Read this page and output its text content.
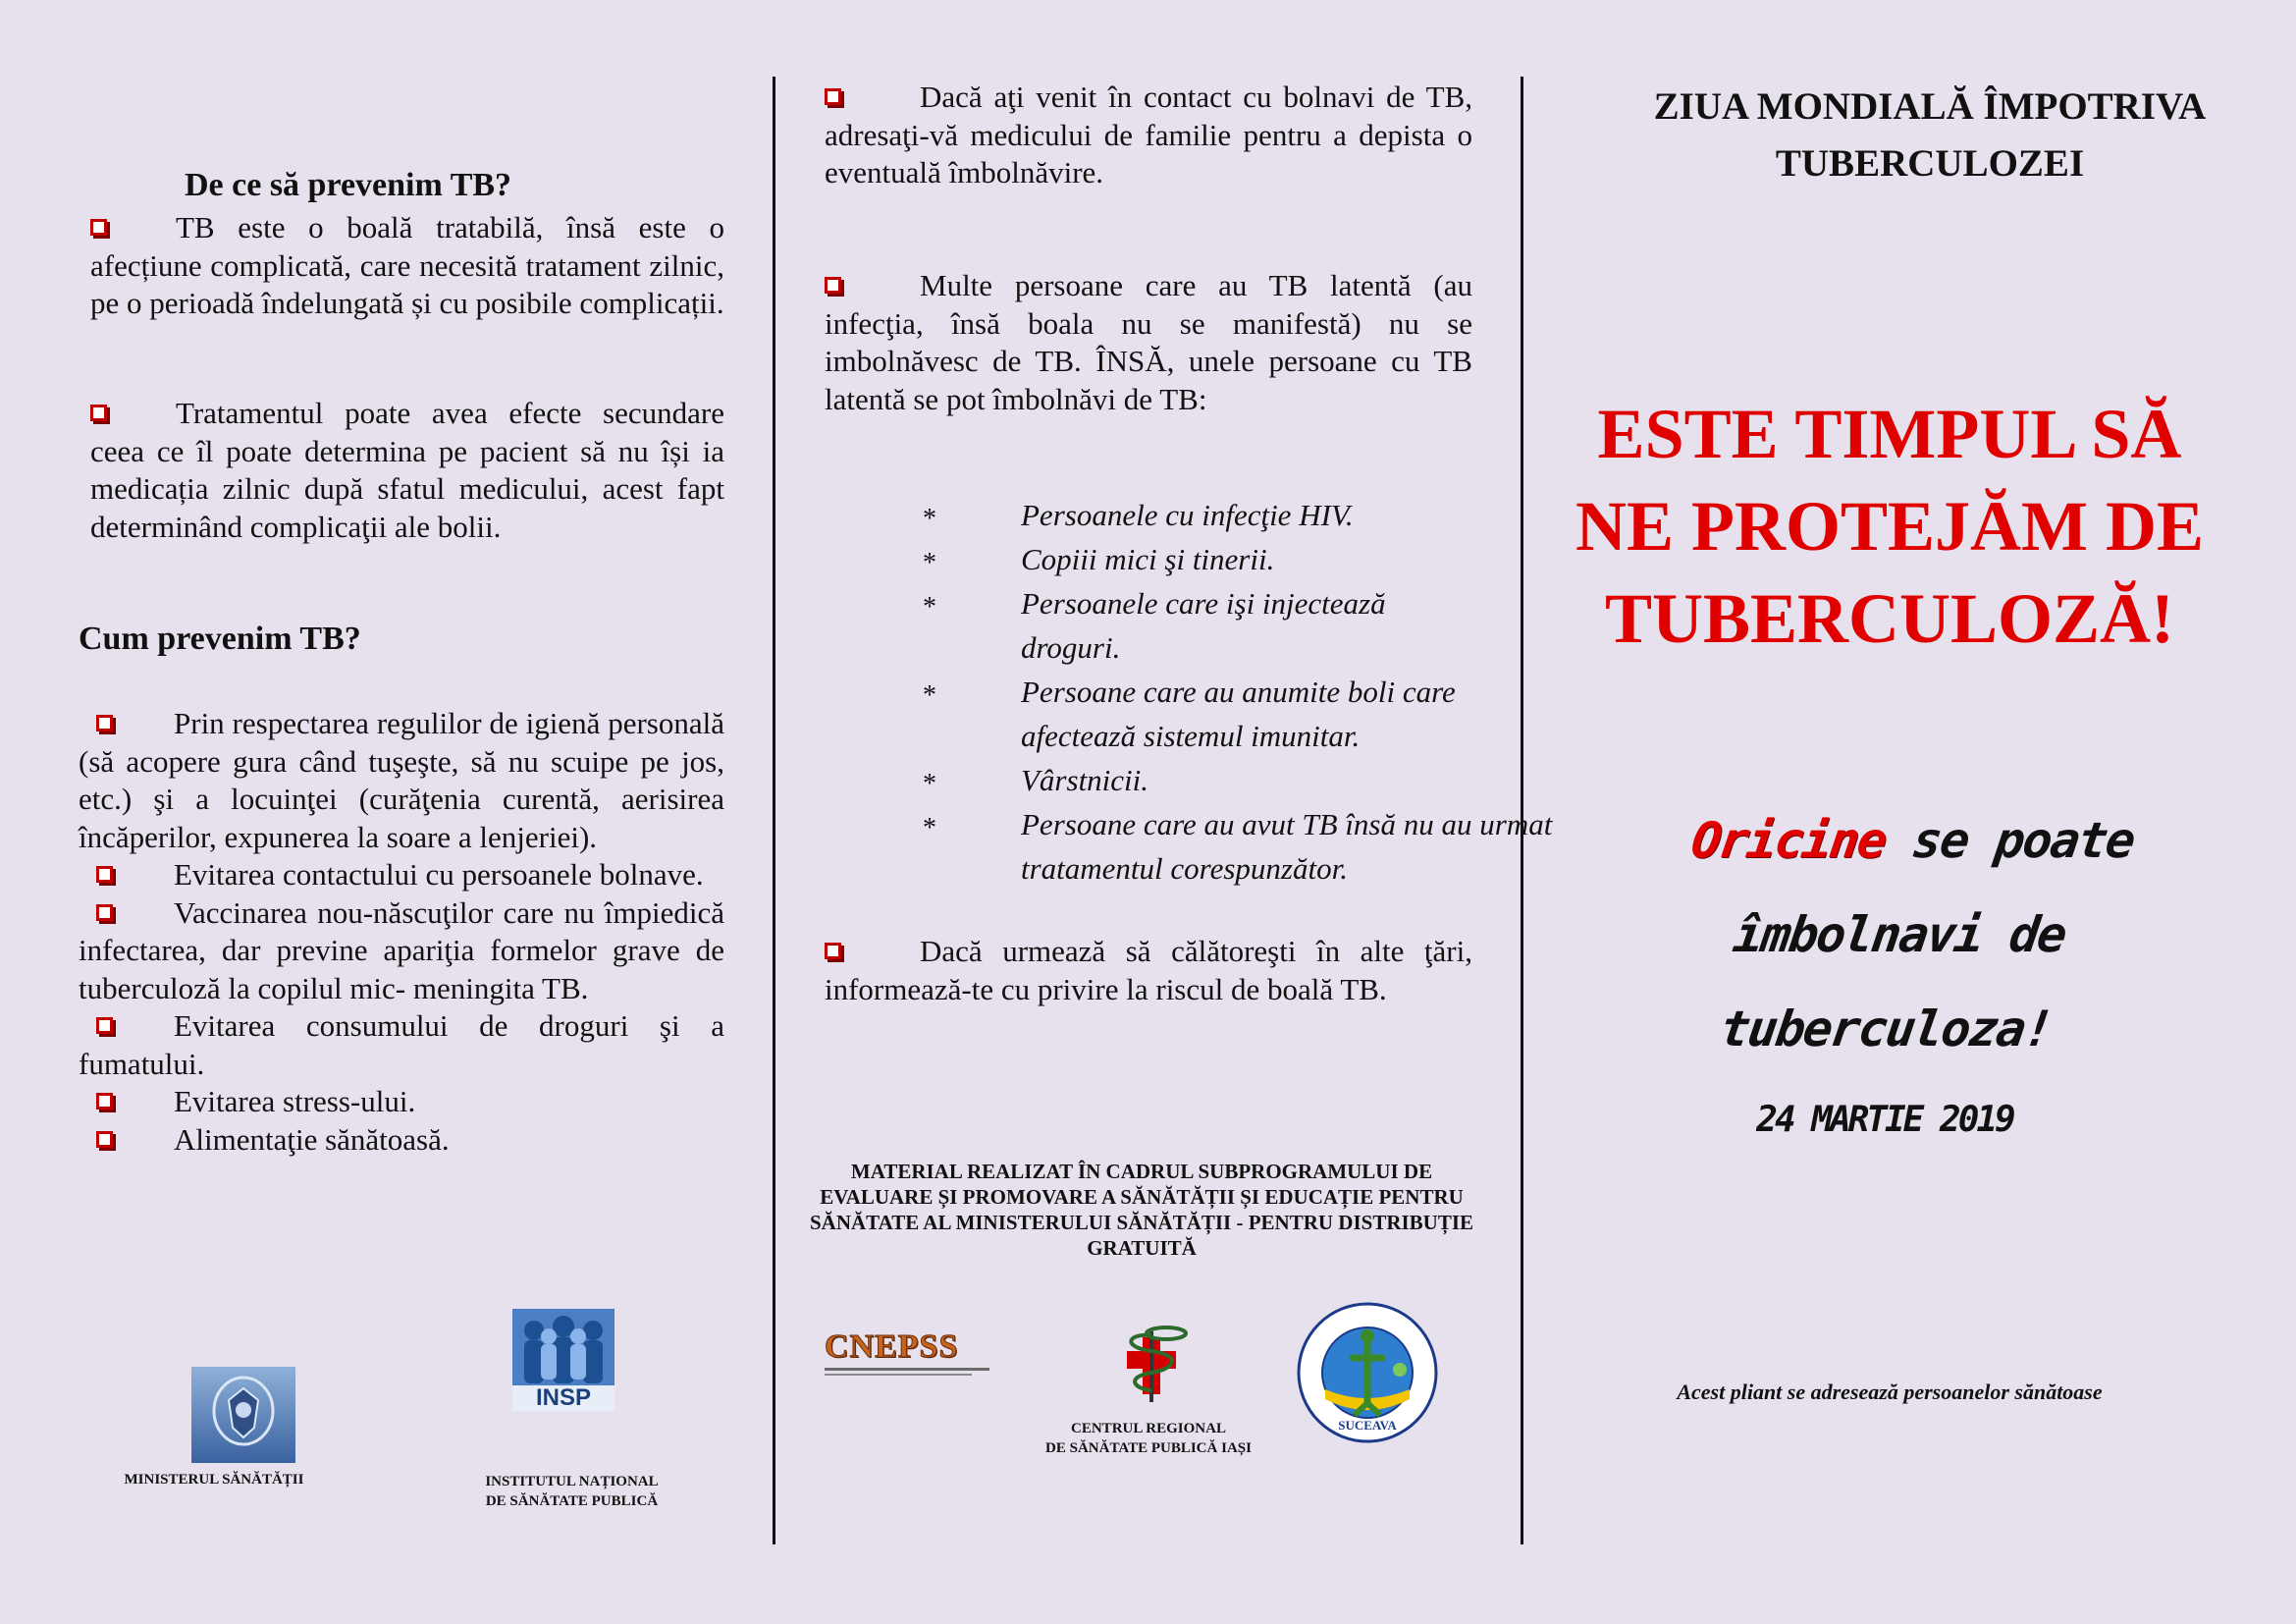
De ce să prevenim TB?
TB este o boală tratabilă, însă este o afecțiune complicată, care necesită tratament zilnic, pe o perioadă îndelungată și cu posibile complicații.
Tratamentul poate avea efecte secundare ceea ce îl poate determina pe pacient să nu își ia medicația zilnic după sfatul medicului, acest fapt determinând complicaţii ale bolii.
Cum prevenim TB?
Prin respectarea regulilor de igienă personală (să acopere gura când tuşeşte, să nu scuipe pe jos, etc.) şi a locuinţei (curăţenia curentă, aerisirea încăperilor, expunerea la soare a lenjeriei).
Evitarea contactului cu persoanele bolnave.
Vaccinarea nou-născuţilor care nu împiedică infectarea, dar previne apariţia formelor grave de tuberculoză la copilul mic- meningita TB.
Evitarea consumului de droguri şi a fumatului.
Evitarea stress-ului.
Alimentaţie sănătoasă.
MINISTERUL SĂNĂTĂȚII
INSP
INSTITUTUL NAȚIONAL
DE SĂNĂTATE PUBLICĂ
Dacă aţi venit în contact cu bolnavi de TB, adresaţi-vă medicului de familie pentru a depista o eventuală îmbolnăvire.
Multe persoane care au TB latentă (au infecţia, însă boala nu se manifestă) nu se imbolnăvesc de TB. ÎNSĂ, unele persoane cu TB latentă se pot îmbolnăvi de TB:
*	Persoanele cu infecţie HIV.
*	Copiii mici şi tinerii.
*	Persoanele care işi injectează droguri.
*	Persoane care au anumite boli care afectează sistemul imunitar.
*	Vârstnicii.
*	Persoane care au avut TB însă nu au urmat tratamentul corespunzător.
Dacă urmează să călătoreşti în alte ţări, informează-te cu privire la riscul de boală TB.
MATERIAL REALIZAT ÎN CADRUL SUBPROGRAMULUI DE EVALUARE ȘI PROMOVARE A SĂNĂTĂȚII ȘI EDUCAȚIE PENTRU SĂNĂTATE AL MINISTERULUI SĂNĂTĂȚII - PENTRU DISTRIBUȚIE GRATUITĂ
CNEPSS
CENTRUL REGIONAL
DE SĂNĂTATE PUBLICĂ IAȘI
SUCEAVA
ZIUA MONDIALĂ ÎMPOTRIVA
TUBERCULOZEI
ESTE TIMPUL SĂ
NE PROTEJĂM DE
TUBERCULOZĂ!
Oricine se poate îmbolnavi de
tuberculoza!
24 MARTIE 2019
Acest pliant se adresează persoanelor sănătoase
